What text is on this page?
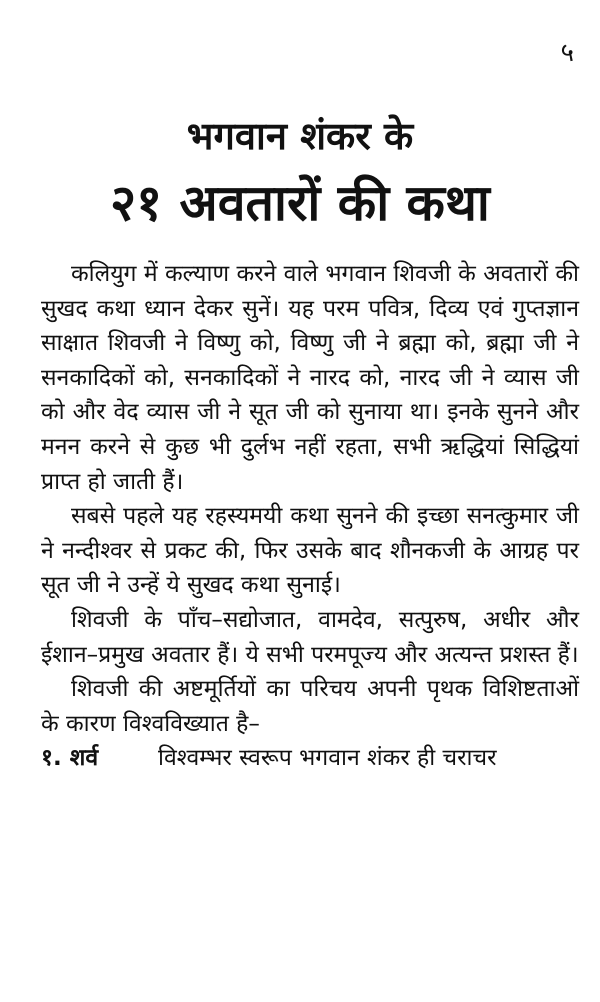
५
भगवान शंकर के
२१ अवतारों की कथा

कलियुग में कल्याण करने वाले भगवान शिवजी के अवतारों की सुखद कथा ध्यान देकर सुनें। यह परम पवित्र, दिव्य एवं गुप्तज्ञान साक्षात शिवजी ने विष्णु को, विष्णु जी ने ब्रह्मा को, ब्रह्मा जी ने सनकादिकों को, सनकादिकों ने नारद को, नारद जी ने व्यास जी को और वेद व्यास जी ने सूत जी को सुनाया था। इनके सुनने और मनन करने से कुछ भी दुर्लभ नहीं रहता, सभी ऋद्धियां सिद्धियां प्राप्त हो जाती हैं।

सबसे पहले यह रहस्यमयी कथा सुनने की इच्छा सनत्कुमार जी ने नन्दीश्वर से प्रकट की, फिर उसके बाद शौनकजी के आग्रह पर सूत जी ने उन्हें ये सुखद कथा सुनाई।

शिवजी के पाँच–सद्योजात, वामदेव, सत्पुरुष, अधीर और ईशान–प्रमुख अवतार हैं। ये सभी परमपूज्य और अत्यन्त प्रशस्त हैं।

शिवजी की अष्टमूर्तियों का परिचय अपनी पृथक विशिष्टताओं के कारण विश्वविख्यात है–

१. शर्व	विश्वम्भर स्वरूप भगवान शंकर ही चराचर
